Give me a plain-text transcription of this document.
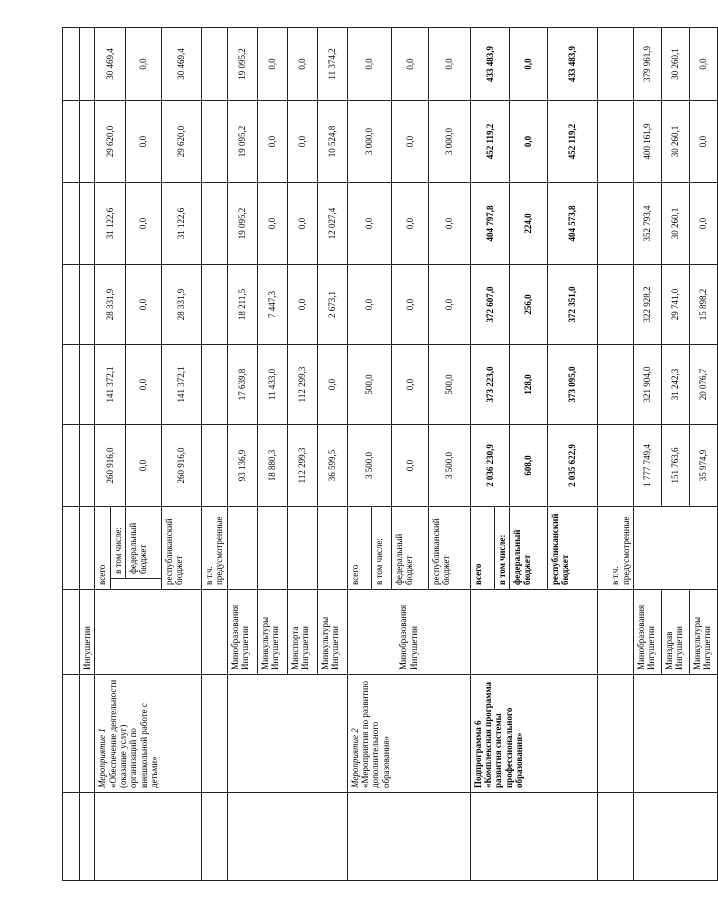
		Ингушетии								

	Мероприятие 1 «Обеспечение деятельности (оказание услуг) организаций по внешкольной работе с детьми»		всего		260 916,0	141 372,1	28 331,9	31 122,6	29 620,0	30 469,4
				в том числе:						
				федеральный бюджет	0,0	0,0	0,0	0,0	0,0	0,0
			республиканский бюджет		260 916,0	141 372,1	28 331,9	31 122,6	29 620,0	30 469,4
			в т.ч. предусмотренные							
		Минобразования Ингушетии			93 136,9	17 639,8	18 211,5	19 095,2	19 095,2	19 095,2
		Минкультуры Ингушетии			18 880,3	11 433,0	7 447,3	0,0	0,0	0,0
		Минспорта Ингушетии			112 299,3	112 299,3	0,0	0,0	0,0	0,0
		Минкультуры Ингушетии			36 599,5	0,0	2 673,1	12 027,4	10 524,8	11 374,2

	Мероприятие 2 «Мероприятия по развитию дополнительного образования»	Минобразования Ингушетии	всего		3 500,0	500,0	0,0	0,0	3 000,0	0,0
			в том числе:							
			федеральный бюджет		0,0	0,0	0,0	0,0	0,0	0,0
			республиканский бюджет		3 500,0	500,0	0,0	0,0	3 000,0	0,0
	Подпрограмма 6 «Комплексная программа развития системы профессионального образования»		всего		2 036 230,9	373 223,0	372 607,0	404 797,8	452 119,2	433 483,9
			в том числе:							
			федеральный бюджет		608,0	128,0	256,0	224,0	0,0	0,0
			республиканский бюджет		2 035 622,9	373 095,0	372 351,0	404 573,8	452 119,2	433 483,9
			в т.ч. предусмотренные							
		Минобразования Ингушетии			1 777 749,4	321 904,0	322 928,2	352 793,4	400 161,9	379 961,9
		Минздрав Ингушетии			151 763,6	31 242,3	29 741,0	30 260,1	30 260,1	30 260,1
		Минкультуры Ингушетии			35 974,9	20 076,7	15 898,2	0,0	0,0	0,0
